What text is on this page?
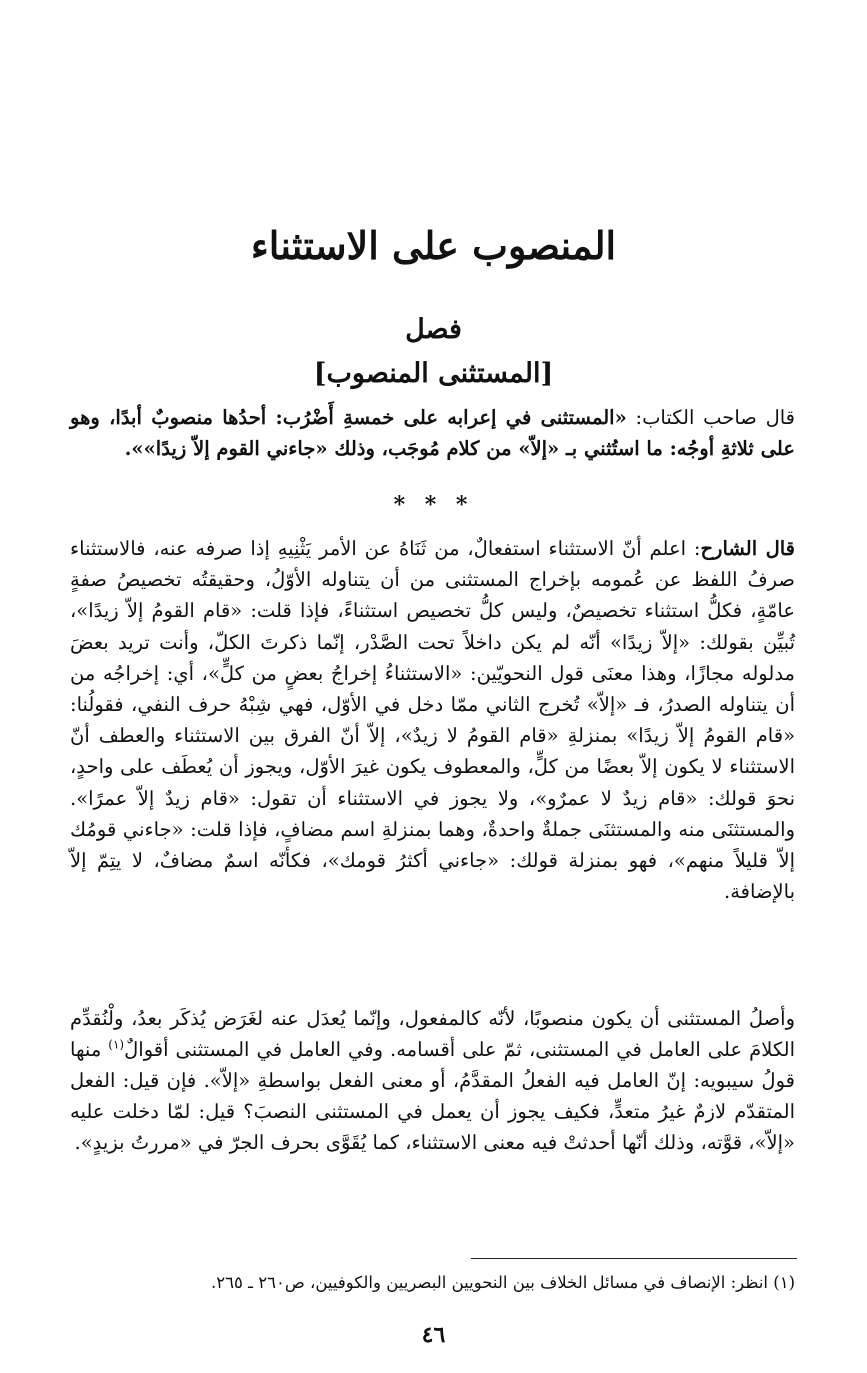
المنصوب على الاستثناء
فصل
[المستثنى المنصوب]

قال صاحب الكتاب: «المستثنى في إعرابه على خمسةِ أَضْرُب: أحدُها منصوبٌ أبدًا، وهو على ثلاثةِ أوجُه: ما استُثني بـ «إلاّ» من كلام مُوجَب، وذلك «جاءني القوم إلاّ زيدًا»».

* * *

قال الشارح: اعلم أنّ الاستثناء استفعالٌ، من ثَنَاهُ عن الأمر يَثْنِيهِ إذا صرفه عنه، فالاستثناء صرفُ اللفظ عن عُمومه بإخراج المستثنى من أن يتناوله الأوّلُ، وحقيقتُه تخصيصُ صفةٍ عامّةٍ، فكلُّ استثناء تخصيصٌ، وليس كلُّ تخصيص استثناءً، فإذا قلت: «قام القومُ إلاّ زيدًا»، تُبيِّن بقولك: «إلاّ زيدًا» أنّه لم يكن داخلاً تحت الصَّدْر، إنّما ذكرتَ الكلّ، وأنت تريد بعضَ مدلوله مجازًا، وهذا معنَى قول النحويّين: «الاستثناءُ إخراجُ بعضٍ من كلٍّ»، أي: إخراجُه من أن يتناوله الصدرُ، فـ «إلاّ» تُخرج الثاني ممّا دخل في الأوّل، فهي شِبْهُ حرف النفي، فقولُنا: «قام القومُ إلاّ زيدًا» بمنزلةِ «قام القومُ لا زيدٌ»، إلاّ أنّ الفرق بين الاستثناء والعطف أنّ الاستثناء لا يكون إلاّ بعضًا من كلٍّ، والمعطوف يكون غيرَ الأوّل، ويجوز أن يُعطَف على واحدٍ، نحوَ قولك: «قام زيدٌ لا عمرٌو»، ولا يجوز في الاستثناء أن تقول: «قام زيدٌ إلاّ عمرًا». والمستثنَى منه والمستثنَى جملةٌ واحدةٌ، وهما بمنزلةِ اسم مضافٍ، فإذا قلت: «جاءني قومُك إلاّ قليلاً منهم»، فهو بمنزلة قولك: «جاءني أكثرُ قومك»، فكأنّه اسمٌ مضافٌ، لا يتِمّ إلاّ بالإضافة.

وأصلُ المستثنى أن يكون منصوبًا، لأنّه كالمفعول، وإنّما يُعدَل عنه لغَرَض يُذكَر بعدُ، ولْنُقدِّم الكلامَ على العامل في المستثنى، ثمّ على أقسامه. وفي العامل في المستثنى أقوالٌ$^{(١)}$ منها قولُ سيبويه: إنّ العامل فيه الفعلُ المقدَّمُ، أو معنى الفعل بواسطةِ «إلاّ». فإن قيل: الفعل المتقدّم لازمٌ غيرُ متعدٍّ، فكيف يجوز أن يعمل في المستثنى النصبَ؟ قيل: لمّا دخلت عليه «إلاّ»، قوَّته، وذلك أنّها أحدثتْ فيه معنى الاستثناء، كما يُقَوَّى بحرف الجرّ في «مررتُ بزيدٍ».

(١) انظر: الإنصاف في مسائل الخلاف بين النحويين البصريين والكوفيين، ص٢٦٠ ـ ٢٦٥.

٤٦
